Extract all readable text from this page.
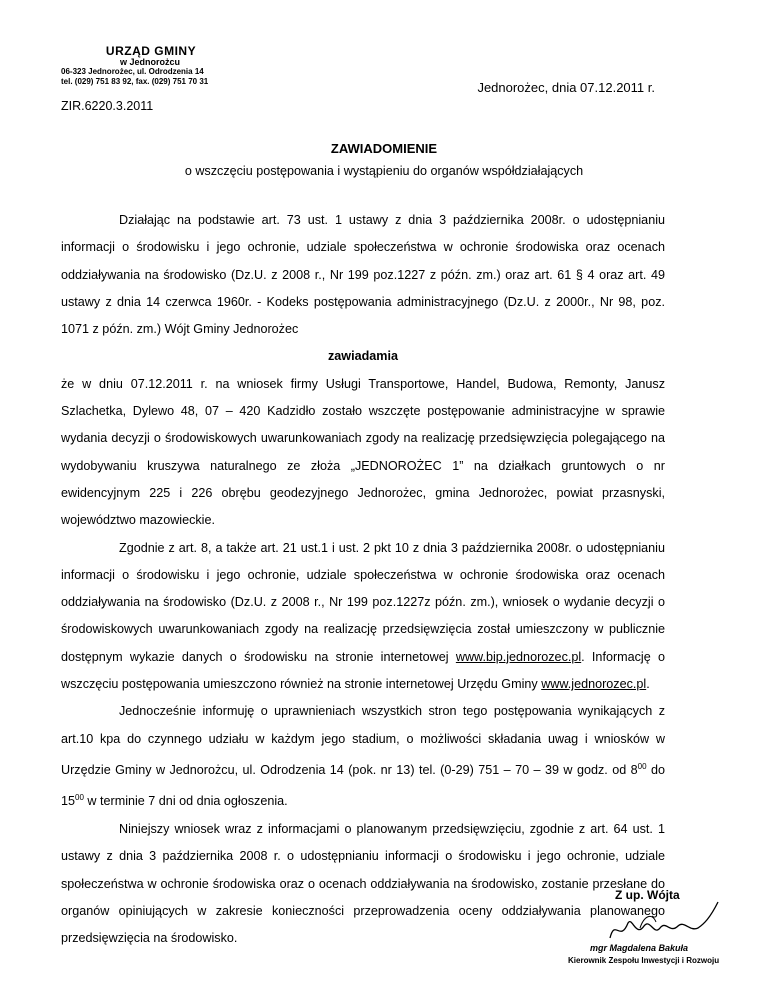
URZĄD GMINY
w Jednorożcu
06-323 Jednorożec, ul. Odrodzenia 14
tel. (029) 751 83 92, fax. (029) 751 70 31
ZIR.6220.3.2011
Jednorożec, dnia 07.12.2011 r.
ZAWIADOMIENIE
o wszczęciu postępowania i wystąpieniu do organów współdziałających

Działając na podstawie art. 73 ust. 1 ustawy z dnia 3 października 2008r. o udostępnianiu informacji o środowisku i jego ochronie, udziale społeczeństwa w ochronie środowiska oraz ocenach oddziaływania na środowisko (Dz.U. z 2008 r., Nr 199 poz.1227 z późn. zm.) oraz art. 61 § 4 oraz art. 49 ustawy z dnia 14 czerwca 1960r. - Kodeks postępowania administracyjnego (Dz.U. z 2000r., Nr 98, poz. 1071 z późn. zm.) Wójt Gminy Jednorożec

zawiadamia

że w dniu 07.12.2011 r. na wniosek firmy Usługi Transportowe, Handel, Budowa, Remonty, Janusz Szlachetka, Dylewo 48, 07 – 420 Kadzidło zostało wszczęte postępowanie administracyjne w sprawie wydania decyzji o środowiskowych uwarunkowaniach zgody na realizację przedsięwzięcia polegającego na wydobywaniu kruszywa naturalnego ze złoża „JEDNOROŻEC 1” na działkach gruntowych o nr ewidencyjnym 225 i 226 obrębu geodezyjnego Jednorożec, gmina Jednorożec, powiat przasnyski, województwo mazowieckie.

Zgodnie z art. 8, a także art. 21 ust.1 i ust. 2 pkt 10 z dnia 3 października 2008r. o udostępnianiu informacji o środowisku i jego ochronie, udziale społeczeństwa w ochronie środowiska oraz ocenach oddziaływania na środowisko (Dz.U. z 2008 r., Nr 199 poz.1227z późn. zm.), wniosek o wydanie decyzji o środowiskowych uwarunkowaniach zgody na realizację przedsięwzięcia został umieszczony w publicznie dostępnym wykazie danych o środowisku na stronie internetowej www.bip.jednorozec.pl. Informację o wszczęciu postępowania umieszczono również na stronie internetowej Urzędu Gminy www.jednorozec.pl.

Jednocześnie informuję o uprawnieniach wszystkich stron tego postępowania wynikających z art.10 kpa do czynnego udziału w każdym jego stadium, o możliwości składania uwag i wniosków w Urzędzie Gminy w Jednorożcu, ul. Odrodzenia 14 (pok. nr 13) tel. (0-29) 751 – 70 – 39 w godz. od $8^{00}$ do $15^{00}$ w terminie 7 dni od dnia ogłoszenia.

Niniejszy wniosek wraz z informacjami o planowanym przedsięwzięciu, zgodnie z art. 64 ust. 1 ustawy z dnia 3 października 2008 r. o udostępnianiu informacji o środowisku i jego ochronie, udziale społeczeństwa w ochronie środowiska oraz o ocenach oddziaływania na środowisko, zostanie przesłane do organów opiniujących w zakresie konieczności przeprowadzenia oceny oddziaływania planowanego przedsięwzięcia na środowisko.

Z up. Wójta
mgr Magdalena Bakuła
Kierownik Zespołu Inwestycji i Rozwoju
